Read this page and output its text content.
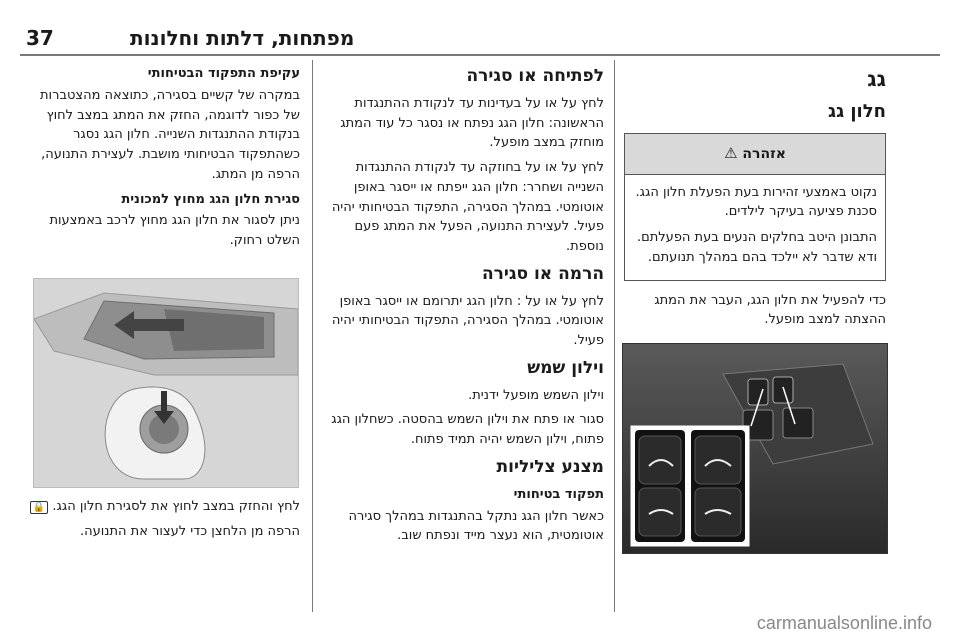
מפתחות, דלתות וחלונות
37
גג
חלון גג
אזהרה ⚠

נקוט באמצעי זהירות בעת הפעלת חלון הגג. סכנת פציעה בעיקר לילדים.

התבונן היטב בחלקים הנעים בעת הפעלתם. ודא שדבר לא יילכד בהם במהלך תנועתם.

כדי להפעיל את חלון הגג, העבר את המתג ההצתה למצב מופעל.

לפתיחה או סגירה

לחץ על או על בעדינות עד לנקודת ההתנגדות הראשונה: חלון הגג נפתח או נסגר כל עוד המתג מוחזק במצב מופעל.

לחץ על או על בחוזקה עד לנקודת ההתנגדות השנייה ושחרר: חלון הגג ייפתח או ייסגר באופן אוטומטי. במהלך הסגירה, התפקוד הבטיחותי יהיה פעיל. לעצירת התנועה, הפעל את המתג פעם נוספת.

הרמה או סגירה

לחץ על או על : חלון הגג יתרומם או ייסגר באופן אוטומטי. במהלך הסגירה, התפקוד הבטיחותי יהיה פעיל.

וילון שמש

וילון השמש מופעל ידנית.

סגור או פתח את וילון השמש בהסטה. כשחלון הגג פתוח, וילון השמש יהיה תמיד פתוח.

מצנע צליליות
תפקוד בטיחותי

כאשר חלון הגג נתקל בהתנגדות במהלך סגירה אוטומטית, הוא נעצר מייד ונפתח שוב.

עקיפת התפקוד הבטיחותי

במקרה של קשיים בסגירה, כתוצאה מהצטברות של כפור לדוגמה, החזק את המתג במצב לחוץ בנקודת ההתנגדות השנייה. חלון הגג נסגר כשהתפקוד הבטיחותי מושבת. לעצירת התנועה, הרפה מן המתג.

סגירת חלון הגג מחוץ למכונית

ניתן לסגור את חלון הגג מחוץ לרכב באמצעות השלט רחוק.

לחץ והחזק במצב לחוץ את לסגירת חלון הגג. 🔒

הרפה מן הלחצן כדי לעצור את התנועה.

carmanualsonline.info
